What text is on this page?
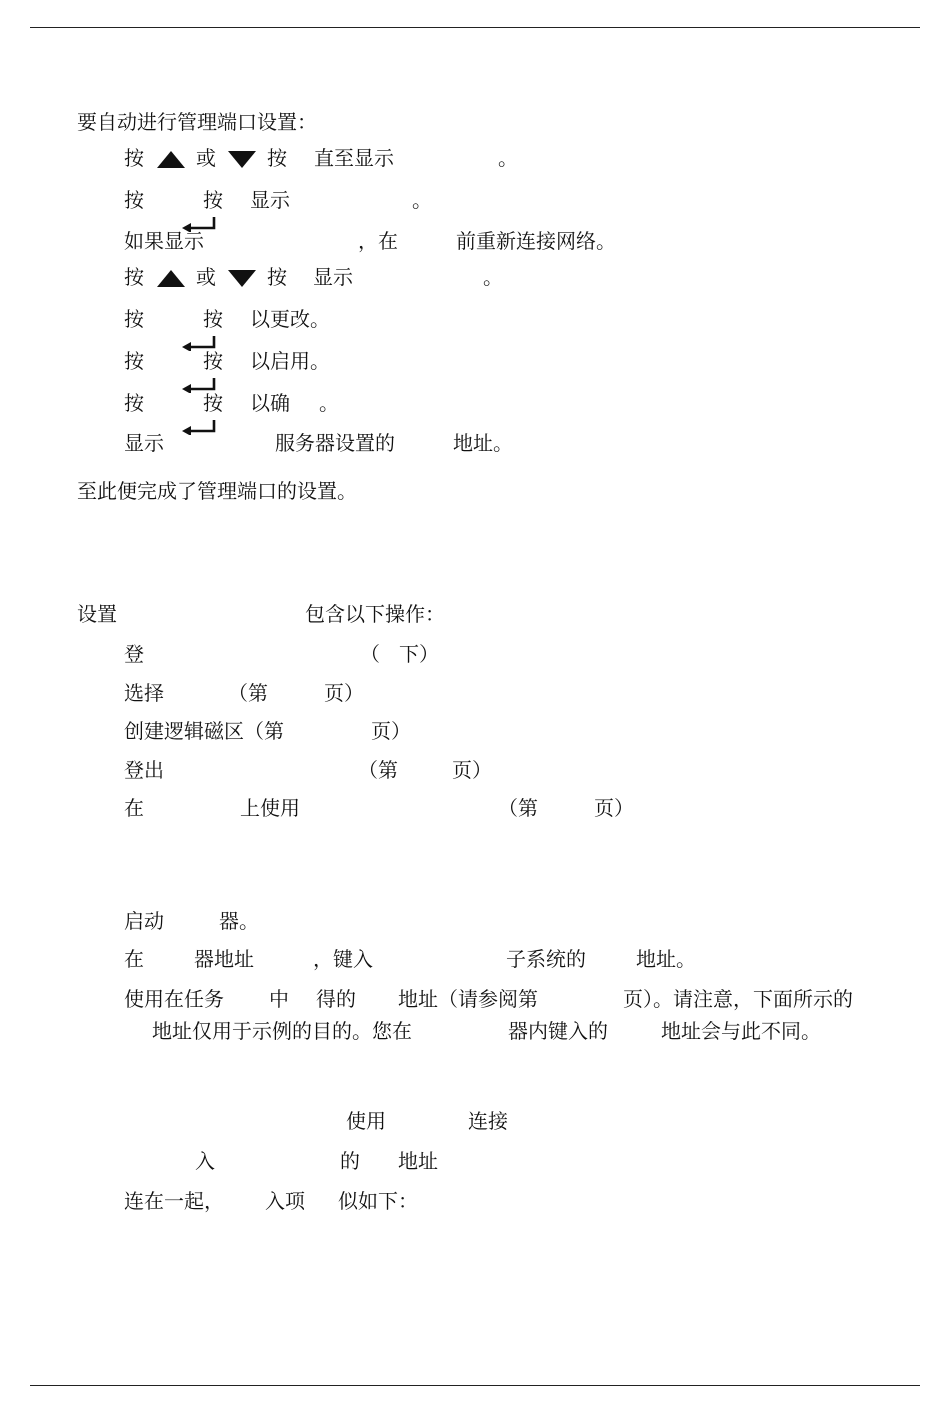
要自动进行管理端口设置：

按

	或

	按

直至显示

	。

按

	按

显示

	。

如果显示

	，在

	前重新连接网络。

按

	或

	按

显示

	。

按

	按

以更改。

按

	按

以启用。

按

	按

以确

。

显示

	服务器设置的

	地址。

至此便完成了管理端口的设置。

设置

	包含以下操作：

登

	（

下）

选择

	（第

	页）

创建逻辑磁区（第

	页）

登出

	（第

	页）

在

	上使用

	（第

	页）

启动

	器。

在

	器地址

	，键入

	子系统的

	地址。

使用在任务

中

得的

地址（请参阅第

	页）。请注意，下面所示的

地址仅用于示例的目的。您在

	器内键入的

	地址会与此不同。

使用

	连接

入

	的

地址

连在一起，

入项

似如下：
